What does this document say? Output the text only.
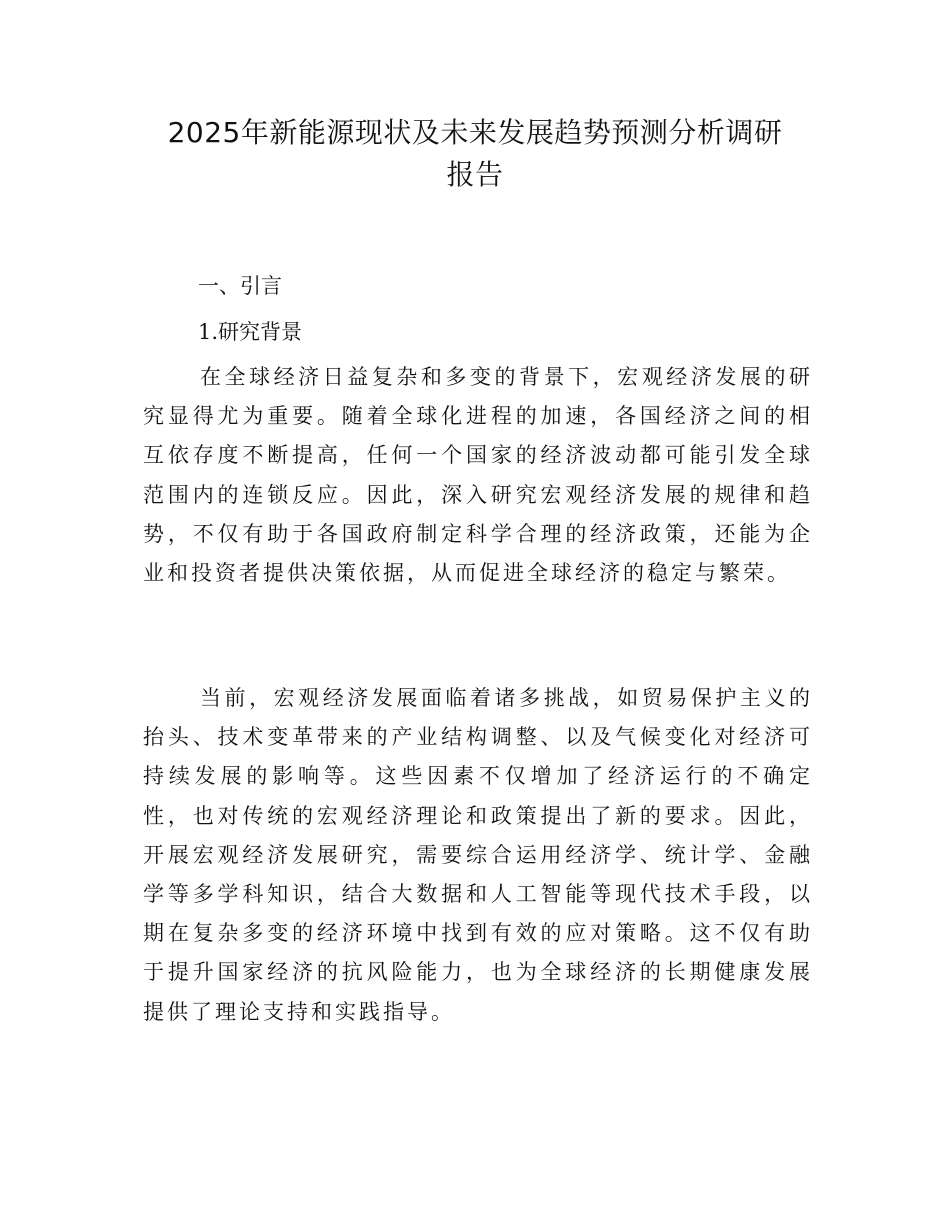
2025年新能源现状及未来发展趋势预测分析调研
报告
一、引言
1.研究背景

在全球经济日益复杂和多变的背景下，宏观经济发展的研究显得尤为重要。随着全球化进程的加速，各国经济之间的相互依存度不断提高，任何一个国家的经济波动都可能引发全球范围内的连锁反应。因此，深入研究宏观经济发展的规律和趋势，不仅有助于各国政府制定科学合理的经济政策，还能为企业和投资者提供决策依据，从而促进全球经济的稳定与繁荣。

当前，宏观经济发展面临着诸多挑战，如贸易保护主义的抬头、技术变革带来的产业结构调整、以及气候变化对经济可持续发展的影响等。这些因素不仅增加了经济运行的不确定性，也对传统的宏观经济理论和政策提出了新的要求。因此，开展宏观经济发展研究，需要综合运用经济学、统计学、金融学等多学科知识，结合大数据和人工智能等现代技术手段，以期在复杂多变的经济环境中找到有效的应对策略。这不仅有助于提升国家经济的抗风险能力，也为全球经济的长期健康发展提供了理论支持和实践指导。
